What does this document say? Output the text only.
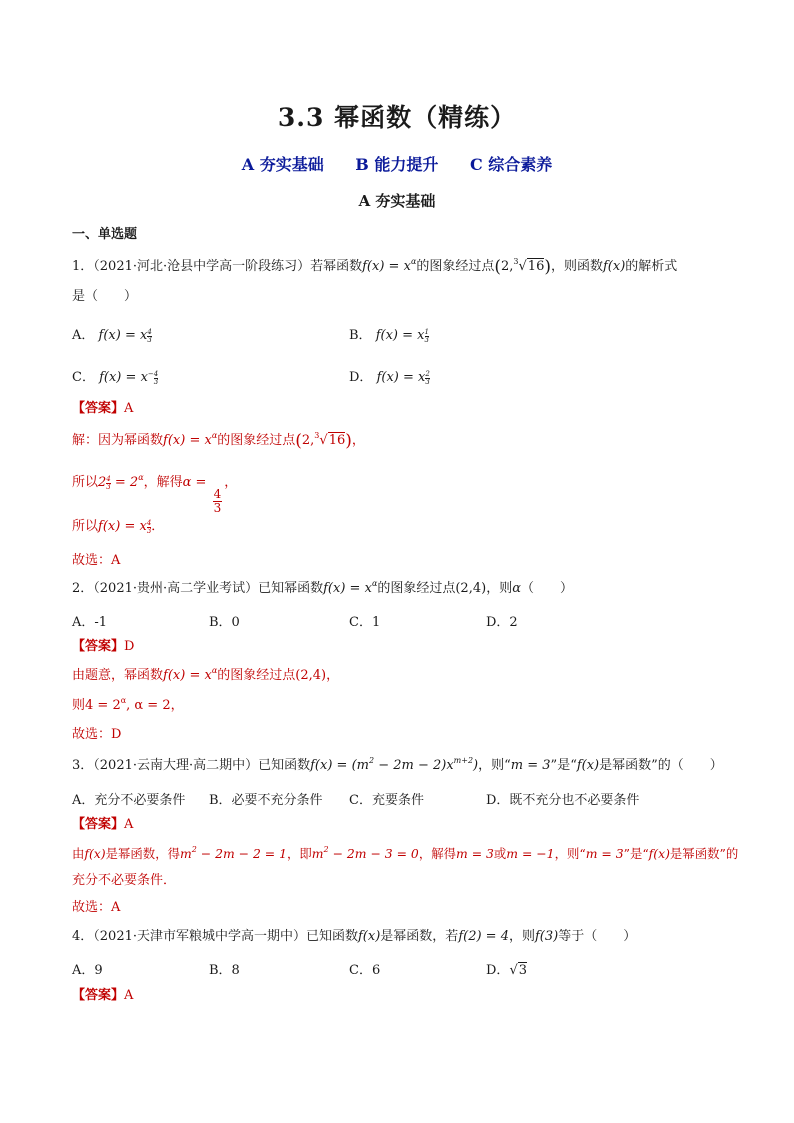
3.3 幂函数（精练）
A 夯实基础 B 能力提升 C 综合素养
A 夯实基础
一、单选题
1．（2021·河北·沧县中学高一阶段练习）若幂函数$f(x) = x^\alpha$的图象经过点(2,$^3$√16)，则函数f(x)的解析式
是（　　）
A． f(x) = x $\frac{4}{3}$	B． f(x) = x $\frac{1}{3}$
C． $f(x) = x - \frac{4}{3}$	D． f(x) = x $\frac{2}{3}$
【答案】A
解：因为幂函数$f(x) = x^\alpha$的图象经过点(2,$^3$√16)，
所以$2 \frac{4}{3} = 2^\alpha$，解得α =
$\frac{4}{3}$
，
所以f(x) = x $\frac{4}{3}$ ．
故选：A
2．（2021·贵州·高二学业考试）已知幂函数$f(x) = x^\alpha$的图象经过点(2,4)，则α（　　）
A．-1	B．0	C．1	D．2
【答案】D
由题意，幂函数$f(x) = x^\alpha$的图象经过点(2,4)，
则$4 = 2^\alpha$, α = 2，
故选：D
3．（2021·云南大理·高二期中）已知函数$f(x) = (m^2 - 2m - 2)x^{m+2}$)，则“m = 3”是“f(x)是幂函数”的（　　）
A．充分不必要条件 B．必要不充分条件 C．充要条件	D．既不充分也不必要条件
【答案】A
由f(x)是幂函数，得$m^2 - 2m - 2 = 1$，即$m^2 - 2m - 3 = 0$，解得m = 3或m = −1，则“m = 3”是“f(x)是幂函数”的
充分不必要条件．
故选：A
4．（2021·天津市军粮城中学高一期中）已知函数f(x)是幂函数，若f(2) = 4，则f(3)等于（　　）
A．9	B．8	C．6	D．√3
【答案】A
